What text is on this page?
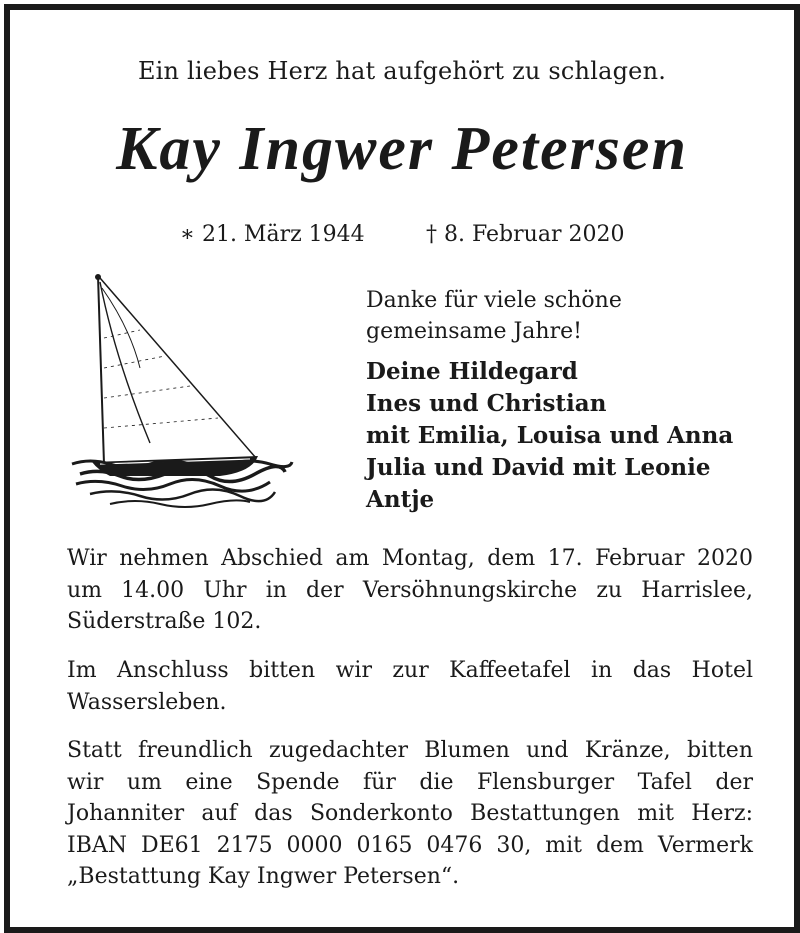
Ein liebes Herz hat aufgehört zu schlagen.
Kay Ingwer Petersen
∗ 21. März 1944	† 8. Februar 2020
Danke für viele schöne
gemeinsame Jahre!
Deine Hildegard
Ines und Christian
mit Emilia, Louisa und Anna
Julia und David mit Leonie
Antje
Wir nehmen Abschied am Montag, dem 17. Februar 2020
um 14.00 Uhr in der Versöhnungskirche zu Harrislee,
Süderstraße 102.
Im Anschluss bitten wir zur Kaffeetafel in das Hotel
Wassersleben.
Statt freundlich zugedachter Blumen und Kränze, bitten
wir um eine Spende für die Flensburger Tafel der
Johanniter auf das Sonderkonto Bestattungen mit Herz:
IBAN DE61 2175 0000 0165 0476 30, mit dem Vermerk
„Bestattung Kay Ingwer Petersen“.
